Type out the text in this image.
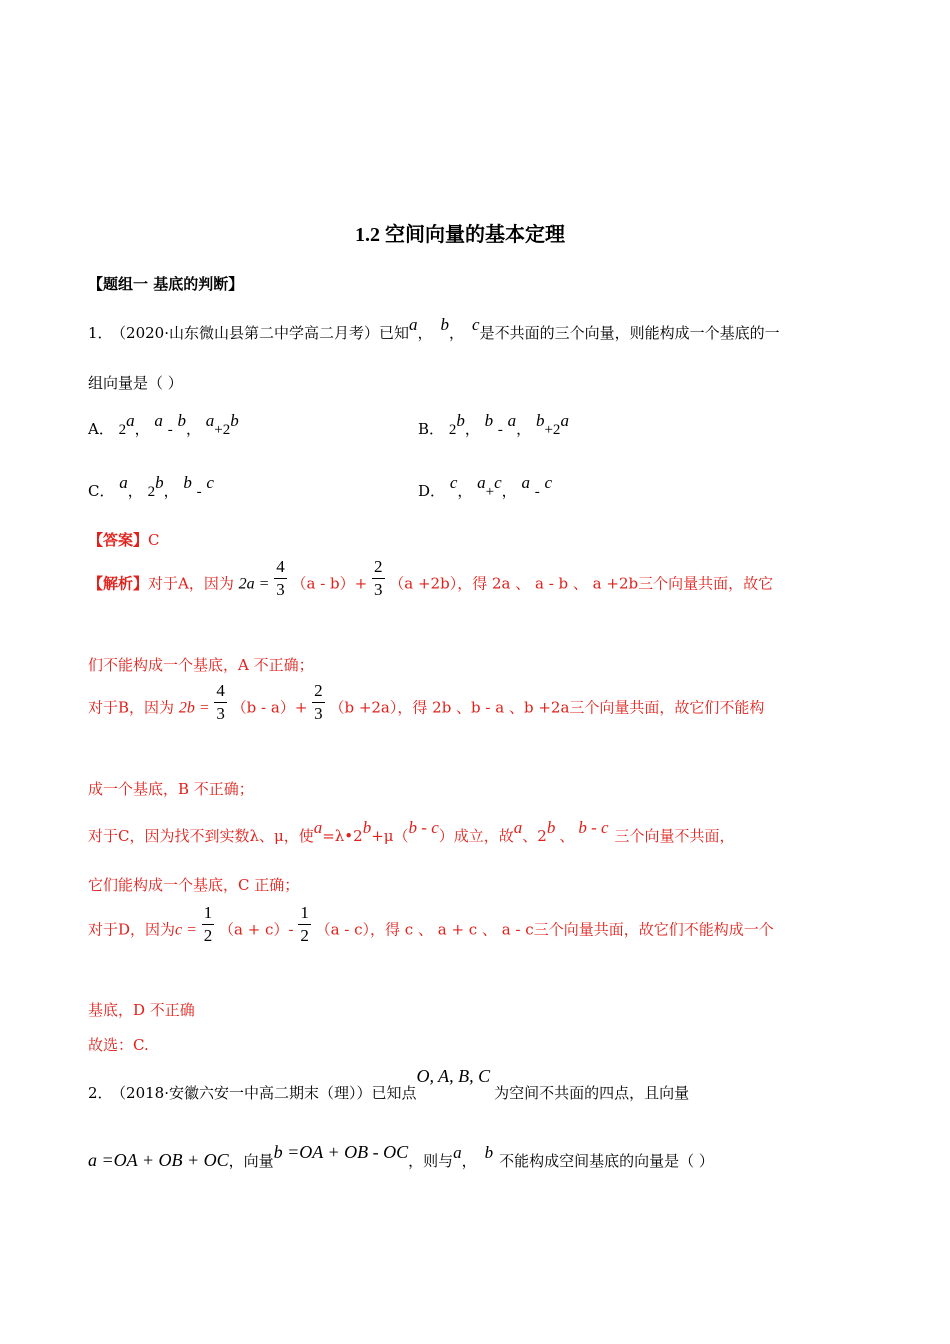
1.2 空间向量的基本定理
【题组一 基底的判断】
1． （2020·山东微山县第二中学高二月考）已知a， b， c是不共面的三个向量，则能构成一个基底的一
组向量是（ ）
A． 2a， a - b， a+2b	B． 2b， b - a， b+2a
C． a， 2b， b - c	D． c， a+c， a - c
【答案】C
【解析】对于A，因为 $2a = \frac{4}{3} (a - b)+ \frac{2}{3} (a +2b)$，得 2a 、 a - b 、 a +2b三个向量共面，故它
们不能构成一个基底，A 不正确；
对于B，因为 $2b = \frac{4}{3} (b - a)+ \frac{2}{3} (b +2a)$，得 2b 、b - a 、b +2a三个向量共面，故它们不能构
成一个基底，B 不正确；
对于C，因为找不到实数λ、μ，使a=λ•2b+μ（b - c）成立，故a、2b 、 b - c 三个向量不共面，
它们能构成一个基底，C 正确；
对于D，因为$c = \frac{1}{2} (a + c)- \frac{1}{2} (a - c)$，得 c 、 a + c 、 a - c三个向量共面，故它们不能构成一个
基底，D 不正确
故选：C.
2． （2018·安徽六安一中高二期末（理））已知点O, A, B, C为空间不共面的四点，且向量
a =OA + OB + OC，向量b =OA + OB - OC，则与a， b 不能构成空间基底的向量是（ ）
